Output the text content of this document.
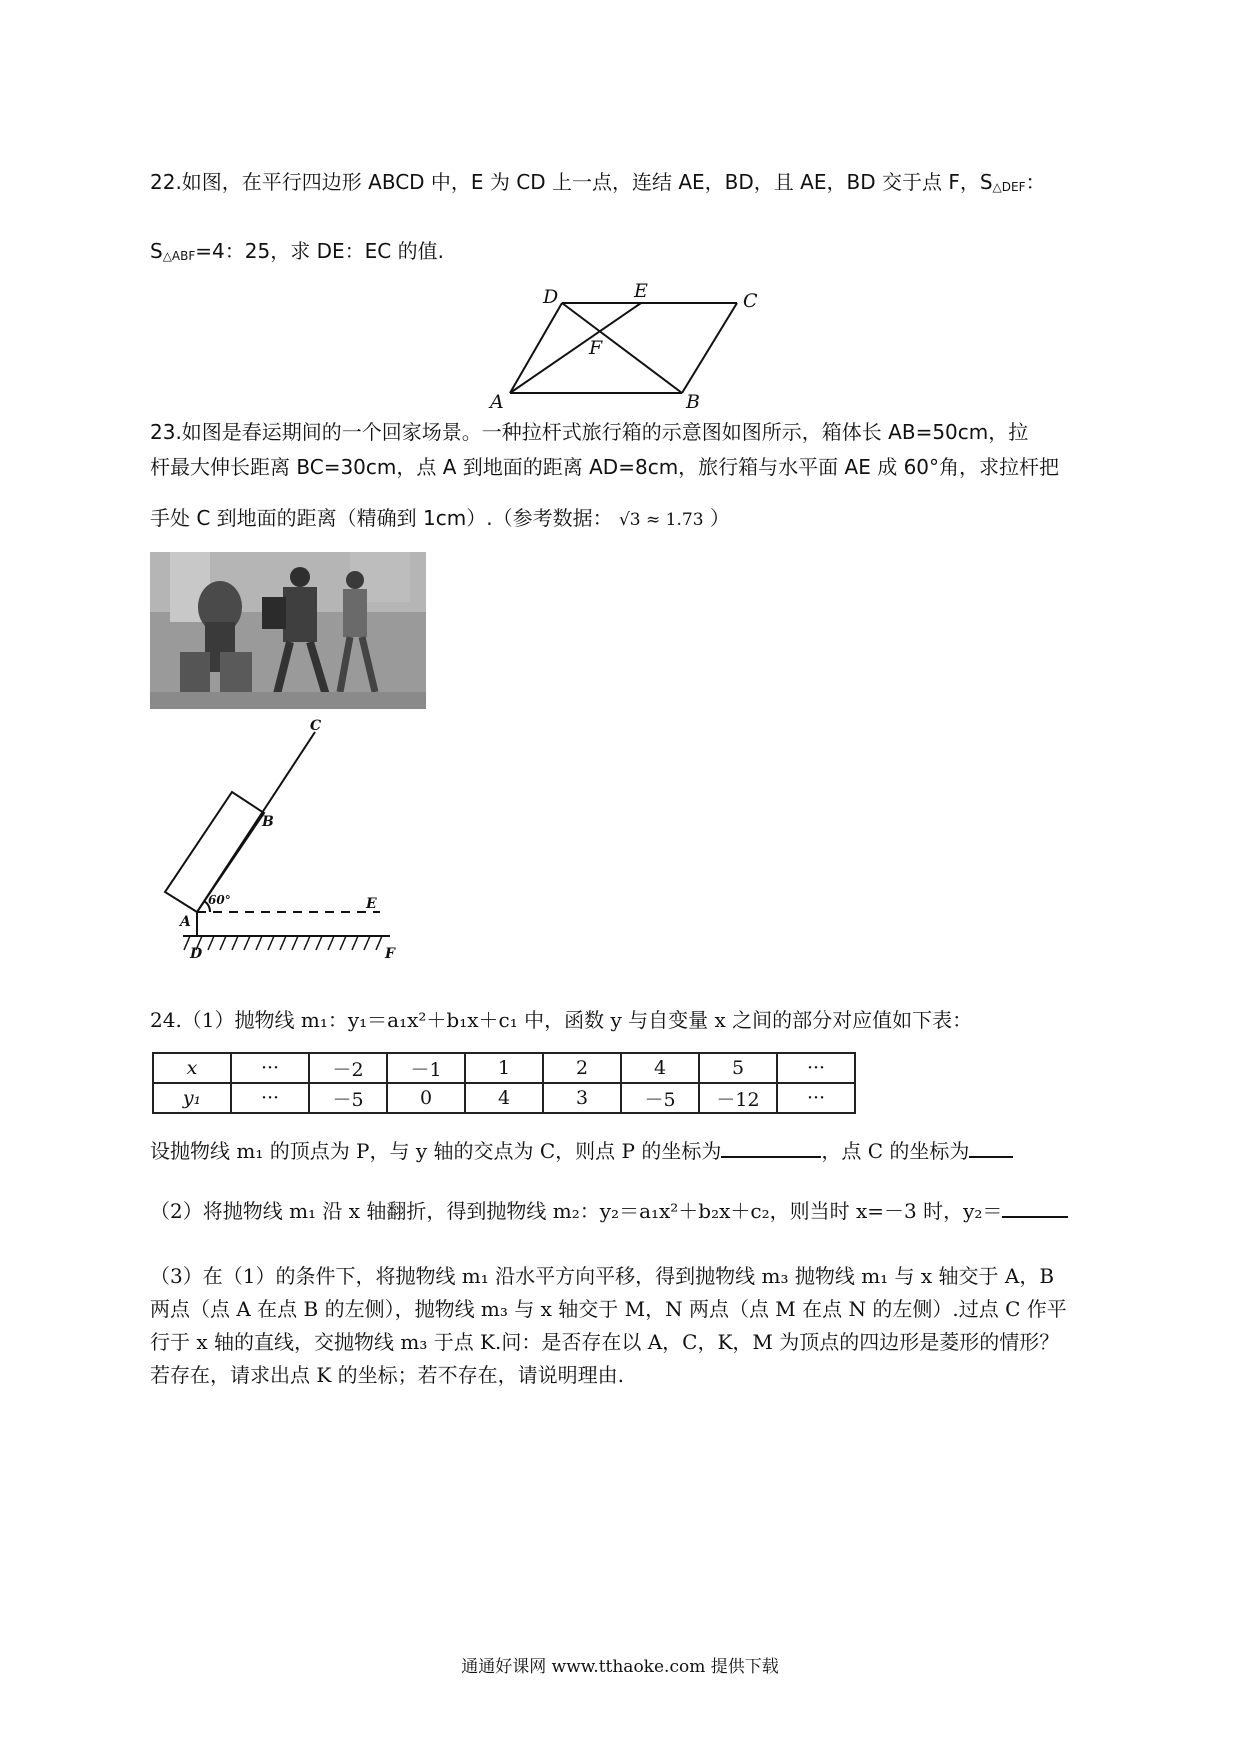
22.如图，在平行四边形 ABCD 中，E 为 CD 上一点，连结 AE，BD，且 AE，BD 交于点 F，S△DEF：
S△ABF=4：25，求 DE：EC 的值.
D	E	C
F
A	B
23.如图是春运期间的一个回家场景。一种拉杆式旅行箱的示意图如图所示，箱体长 AB=50cm，拉
杆最大伸长距离 BC=30cm，点 A 到地面的距离 AD=8cm，旅行箱与水平面 AE 成 60°角，求拉杆把
手处 C 到地面的距离（精确到 1cm）.（参考数据： √3 ≈ 1.73 ）
C
B
A
E
D	F
60°
24.（1）抛物线 m₁：y₁＝a₁x²＋b₁x＋c₁ 中，函数 y 与自变量 x 之间的部分对应值如下表：
x	···	－2	－1	1	2	4	5	···
y₁	···	－5	0	4	3	－5	－12	···
设抛物线 m₁ 的顶点为 P，与 y 轴的交点为 C，则点 P 的坐标为	，点 C 的坐标为
（2）将抛物线 m₁ 沿 x 轴翻折，得到抛物线 m₂：y₂＝a₁x²＋b₂x＋c₂，则当时 x=－3 时，y₂＝
（3）在（1）的条件下，将抛物线 m₁ 沿水平方向平移，得到抛物线 m₃ 抛物线 m₁ 与 x 轴交于 A，B
两点（点 A 在点 B 的左侧），抛物线 m₃ 与 x 轴交于 M，N 两点（点 M 在点 N 的左侧）.过点 C 作平
行于 x 轴的直线，交抛物线 m₃ 于点 K.问：是否存在以 A，C，K，M 为顶点的四边形是菱形的情形？
若存在，请求出点 K 的坐标；若不存在，请说明理由.
通通好课网 www.tthaoke.com 提供下载
